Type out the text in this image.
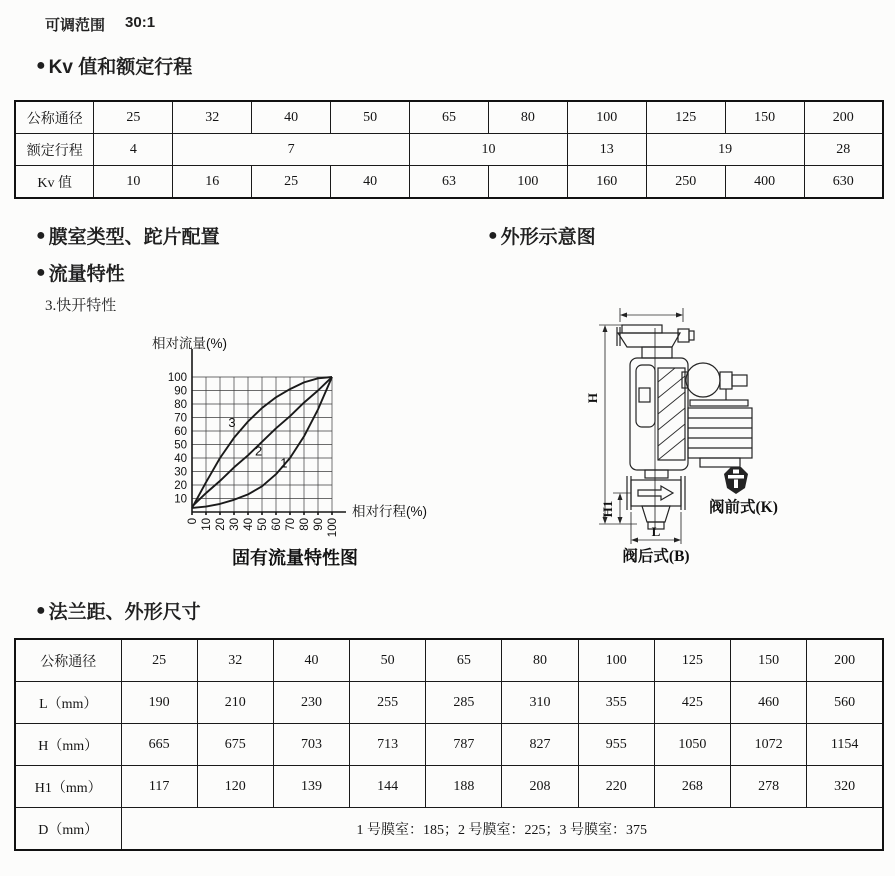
可调范围 30:1
● Kv 值和额定行程
公称通径	25	32	40	50	65	80	100	125	150	200
额定行程	4	7			10		13	19		28
Kv 值	10	16	25	40	63	100	160	250	400	630
● 膜室类型、跎片配置	● 外形示意图
● 流量特性
3.快开特性
10
20
30
40
50
60
70
80
90
100
0 10 20 30 40 50 60 70 80 90 100
1
2
3
相对流量(%)
相对行程(%)
固有流量特性图
H
H1
L
阀前式(K)
阀后式(B)
● 法兰距、外形尺寸
公称通径	25	32	40	50	65	80	100	125	150	200
L（mm）	190	210	230	255	285	310	355	425	460	560
H（mm）	665	675	703	713	787	827	955	1050	1072	1154
H1（mm）	117	120	139	144	188	208	220	268	278	320
D（mm）	1 号膜室：185；2 号膜室：225；3 号膜室：375									
